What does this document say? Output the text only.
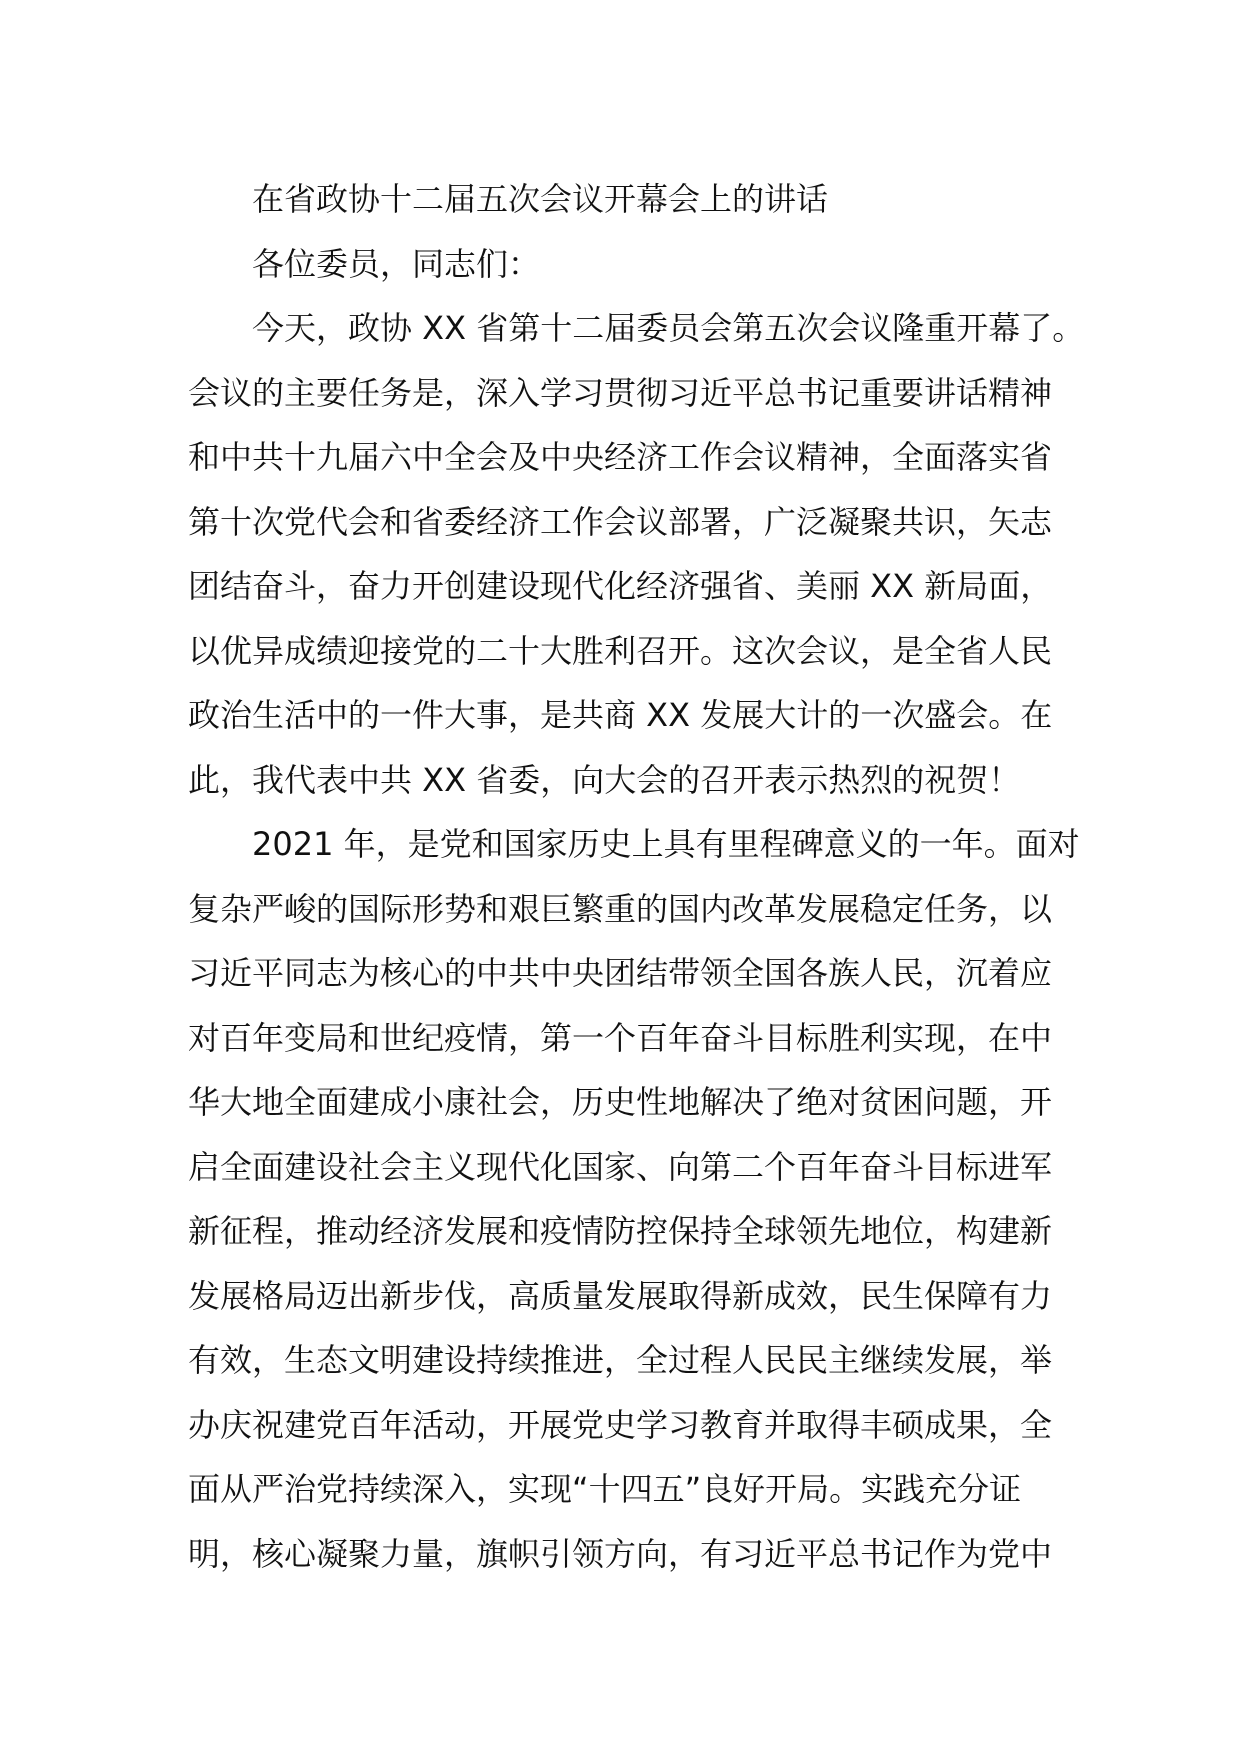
在省政协十二届五次会议开幕会上的讲话
各位委员，同志们：
今天，政协 XX 省第十二届委员会第五次会议隆重开幕了。
会议的主要任务是，深入学习贯彻习近平总书记重要讲话精神
和中共十九届六中全会及中央经济工作会议精神，全面落实省
第十次党代会和省委经济工作会议部署，广泛凝聚共识，矢志
团结奋斗，奋力开创建设现代化经济强省、美丽 XX 新局面，
以优异成绩迎接党的二十大胜利召开。这次会议，是全省人民
政治生活中的一件大事，是共商 XX 发展大计的一次盛会。在
此，我代表中共 XX 省委，向大会的召开表示热烈的祝贺！
2021 年，是党和国家历史上具有里程碑意义的一年。面对
复杂严峻的国际形势和艰巨繁重的国内改革发展稳定任务，以
习近平同志为核心的中共中央团结带领全国各族人民，沉着应
对百年变局和世纪疫情，第一个百年奋斗目标胜利实现，在中
华大地全面建成小康社会，历史性地解决了绝对贫困问题，开
启全面建设社会主义现代化国家、向第二个百年奋斗目标进军
新征程，推动经济发展和疫情防控保持全球领先地位，构建新
发展格局迈出新步伐，高质量发展取得新成效，民生保障有力
有效，生态文明建设持续推进，全过程人民民主继续发展，举
办庆祝建党百年活动，开展党史学习教育并取得丰硕成果，全
面从严治党持续深入，实现“十四五”良好开局。实践充分证
明，核心凝聚力量，旗帜引领方向，有习近平总书记作为党中
